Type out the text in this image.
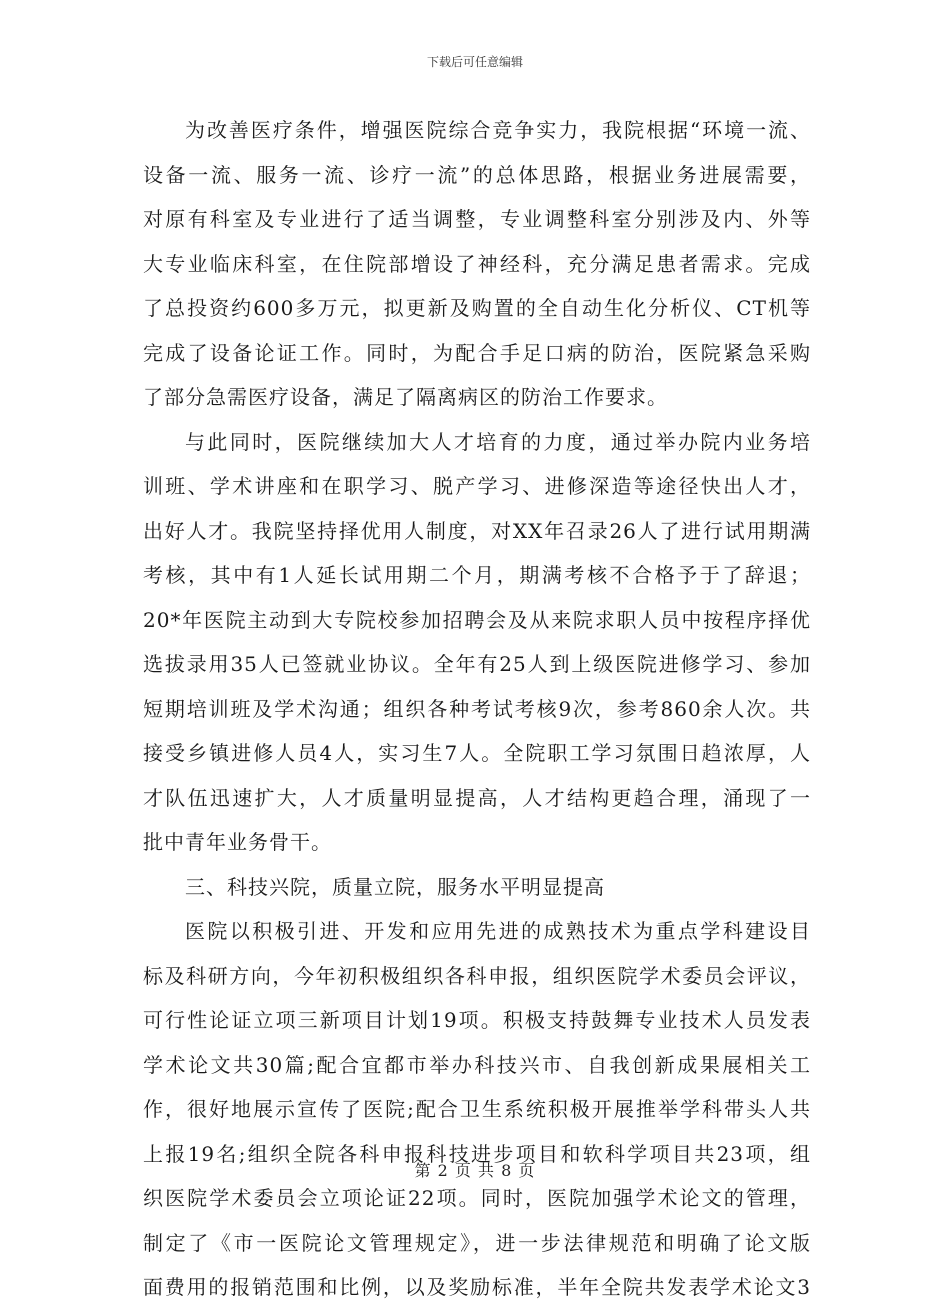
下载后可任意编辑
为改善医疗条件，增强医院综合竞争实力，我院根据“环境一流、
设备一流、服务一流、诊疗一流”的总体思路，根据业务进展需要，
对原有科室及专业进行了适当调整，专业调整科室分别涉及内、外等
大专业临床科室，在住院部增设了神经科，充分满足患者需求。完成
了总投资约600多万元，拟更新及购置的全自动生化分析仪、CT机等
完成了设备论证工作。同时，为配合手足口病的防治，医院紧急采购
了部分急需医疗设备，满足了隔离病区的防治工作要求。
与此同时，医院继续加大人才培育的力度，通过举办院内业务培
训班、学术讲座和在职学习、脱产学习、进修深造等途径快出人才，
出好人才。我院坚持择优用人制度，对XX年召录26人了进行试用期满
考核，其中有1人延长试用期二个月，期满考核不合格予于了辞退；
20*年医院主动到大专院校参加招聘会及从来院求职人员中按程序择优
选拔录用35人已签就业协议。全年有25人到上级医院进修学习、参加
短期培训班及学术沟通；组织各种考试考核9次，参考860余人次。共
接受乡镇进修人员4人，实习生7人。全院职工学习氛围日趋浓厚，人
才队伍迅速扩大，人才质量明显提高，人才结构更趋合理，涌现了一
批中青年业务骨干。
三、科技兴院，质量立院，服务水平明显提高
医院以积极引进、开发和应用先进的成熟技术为重点学科建设目
标及科研方向，今年初积极组织各科申报，组织医院学术委员会评议，
可行性论证立项三新项目计划19项。积极支持鼓舞专业技术人员发表
学术论文共30篇;配合宜都市举办科技兴市、自我创新成果展相关工
作，很好地展示宣传了医院;配合卫生系统积极开展推举学科带头人共
上报19名;组织全院各科申报科技进步项目和软科学项目共23项，组
织医院学术委员会立项论证22项。同时，医院加强学术论文的管理，
制定了《市一医院论文管理规定》，进一步法律规范和明确了论文版
面费用的报销范围和比例，以及奖励标准，半年全院共发表学术论文3
第 2 页 共 8 页
